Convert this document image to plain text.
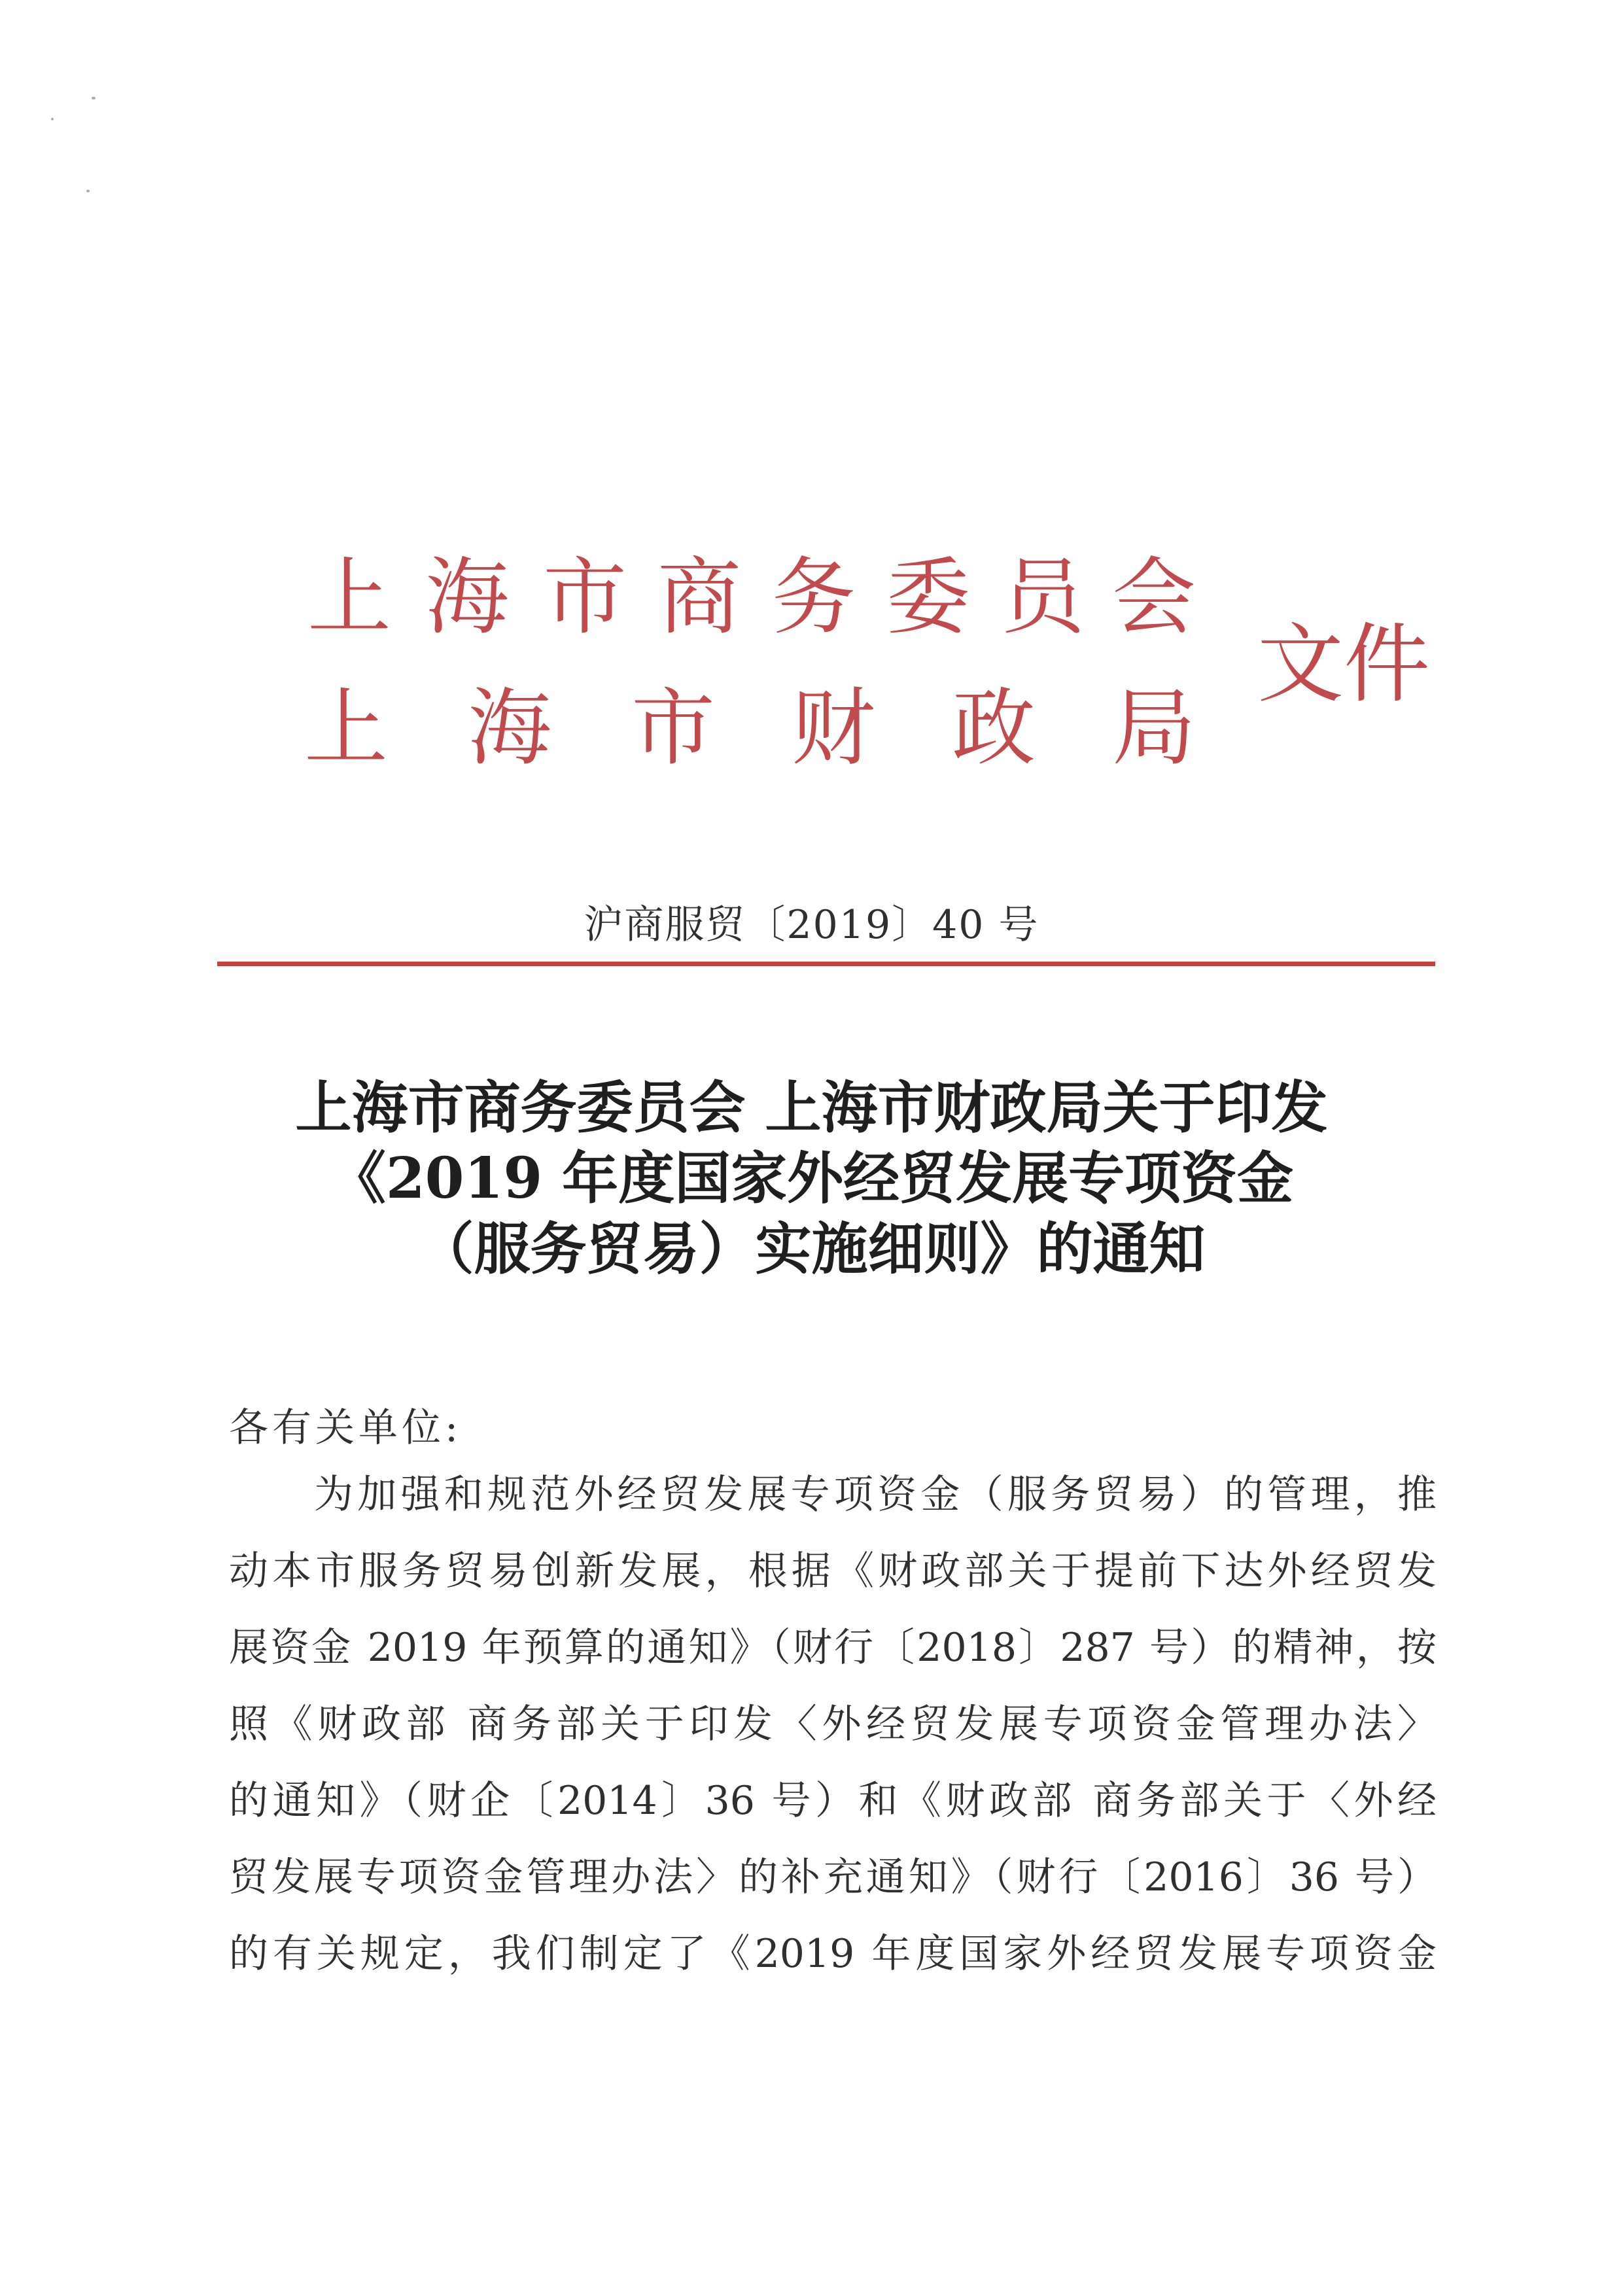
上 海 市 商 务 委 员 会
上 海 市 财 政 局
文件
沪商服贸〔2019〕40 号
上海市商务委员会 上海市财政局关于印发
《2019 年度国家外经贸发展专项资金
（服务贸易）实施细则》的通知
各有关单位:
为加强和规范外经贸发展专项资金（服务贸易）的管理，推
动本市服务贸易创新发展，根据《财政部关于提前下达外经贸发
展资金 2019 年预算的通知》（财行〔2018〕287 号）的精神，按
照《财政部 商务部关于印发〈外经贸发展专项资金管理办法〉
的通知》（财企〔2014〕36 号）和《财政部 商务部关于〈外经
贸发展专项资金管理办法〉的补充通知》（财行〔2016〕36 号）
的有关规定，我们制定了《2019 年度国家外经贸发展专项资金
